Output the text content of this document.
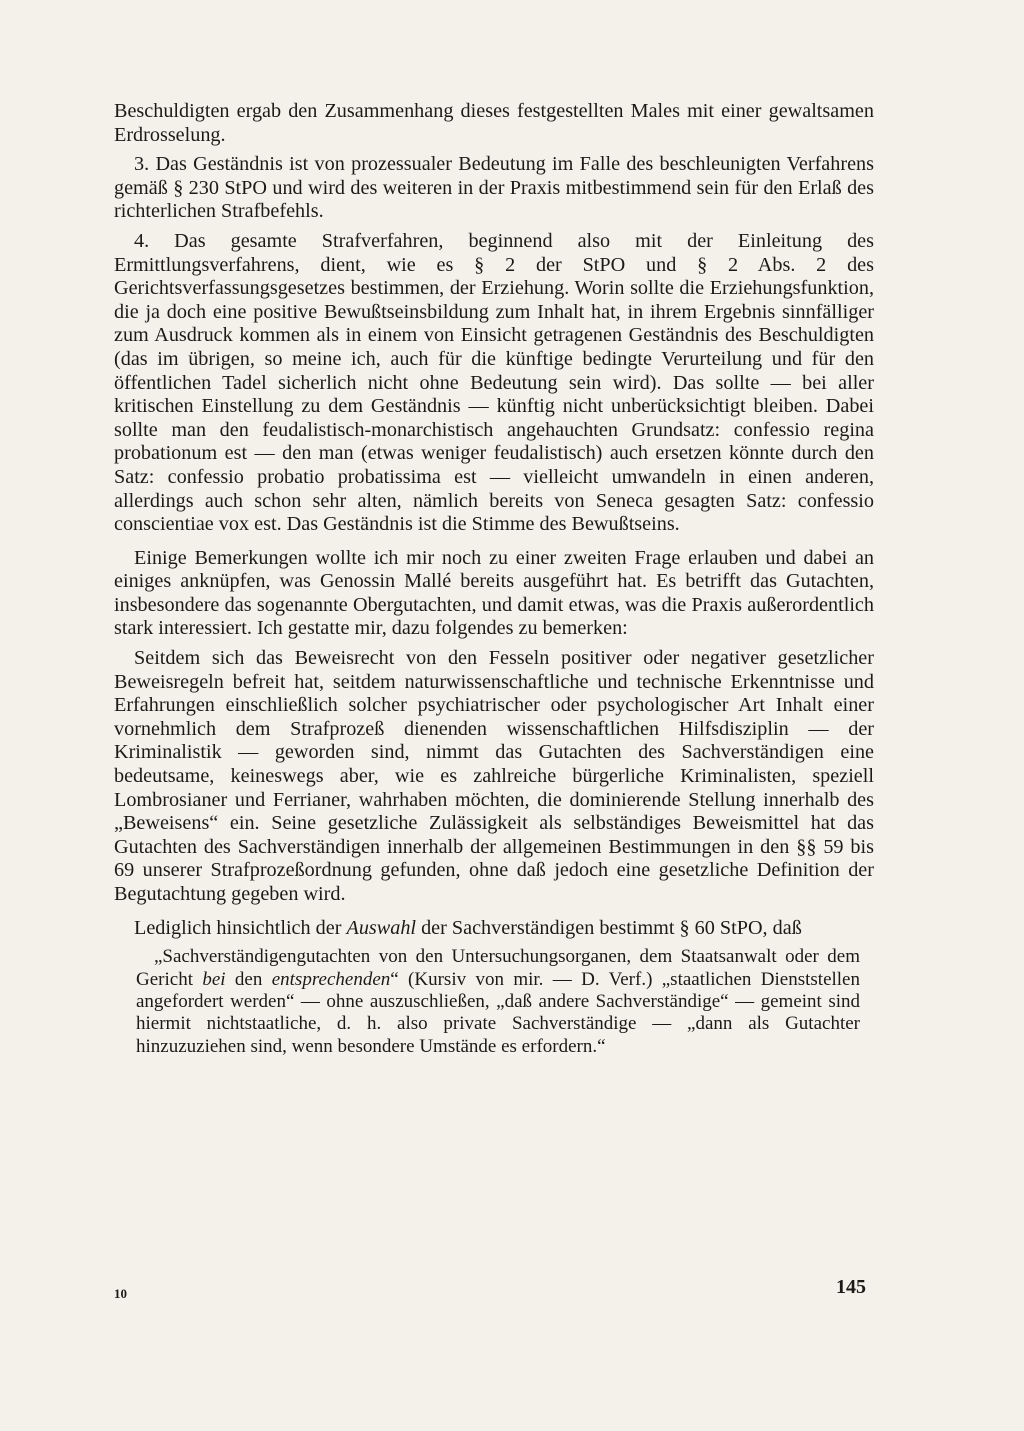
Beschuldigten ergab den Zusammenhang dieses festgestellten Males mit einer gewaltsamen Erdrosselung.

3. Das Geständnis ist von prozessualer Bedeutung im Falle des beschleunigten Verfahrens gemäß § 230 StPO und wird des weiteren in der Praxis mitbestimmend sein für den Erlaß des richterlichen Strafbefehls.

4. Das gesamte Strafverfahren, beginnend also mit der Einleitung des Ermittlungsverfahrens, dient, wie es § 2 der StPO und § 2 Abs. 2 des Gerichtsverfassungsgesetzes bestimmen, der Erziehung. Worin sollte die Erziehungsfunktion, die ja doch eine positive Bewußtseinsbildung zum Inhalt hat, in ihrem Ergebnis sinnfälliger zum Ausdruck kommen als in einem von Einsicht getragenen Geständnis des Beschuldigten (das im übrigen, so meine ich, auch für die künftige bedingte Verurteilung und für den öffentlichen Tadel sicherlich nicht ohne Bedeutung sein wird). Das sollte — bei aller kritischen Einstellung zu dem Geständnis — künftig nicht unberücksichtigt bleiben. Dabei sollte man den feudalistisch-monarchistisch angehauchten Grundsatz: confessio regina probationum est — den man (etwas weniger feudalistisch) auch ersetzen könnte durch den Satz: confessio probatio probatissima est — vielleicht umwandeln in einen anderen, allerdings auch schon sehr alten, nämlich bereits von Seneca gesagten Satz: confessio conscientiae vox est. Das Geständnis ist die Stimme des Bewußtseins.

Einige Bemerkungen wollte ich mir noch zu einer zweiten Frage erlauben und dabei an einiges anknüpfen, was Genossin Mallé bereits ausgeführt hat. Es betrifft das Gutachten, insbesondere das sogenannte Obergutachten, und damit etwas, was die Praxis außerordentlich stark interessiert. Ich gestatte mir, dazu folgendes zu bemerken:

Seitdem sich das Beweisrecht von den Fesseln positiver oder negativer gesetzlicher Beweisregeln befreit hat, seitdem naturwissenschaftliche und technische Erkenntnisse und Erfahrungen einschließlich solcher psychiatrischer oder psychologischer Art Inhalt einer vornehmlich dem Strafprozeß dienenden wissenschaftlichen Hilfsdisziplin — der Kriminalistik — geworden sind, nimmt das Gutachten des Sachverständigen eine bedeutsame, keineswegs aber, wie es zahlreiche bürgerliche Kriminalisten, speziell Lombrosianer und Ferrianer, wahrhaben möchten, die dominierende Stellung innerhalb des „Beweisens“ ein. Seine gesetzliche Zulässigkeit als selbständiges Beweismittel hat das Gutachten des Sachverständigen innerhalb der allgemeinen Bestimmungen in den §§ 59 bis 69 unserer Strafprozeßordnung gefunden, ohne daß jedoch eine gesetzliche Definition der Begutachtung gegeben wird.

Lediglich hinsichtlich der Auswahl der Sachverständigen bestimmt § 60 StPO, daß

„Sachverständigengutachten von den Untersuchungsorganen, dem Staatsanwalt oder dem Gericht bei den entsprechenden“ (Kursiv von mir. — D. Verf.) „staatlichen Dienststellen angefordert werden“ — ohne auszuschließen, „daß andere Sachverständige“ — gemeint sind hiermit nichtstaatliche, d. h. also private Sachverständige — „dann als Gutachter hinzuzuziehen sind, wenn besondere Umstände es erfordern.“

10	145
